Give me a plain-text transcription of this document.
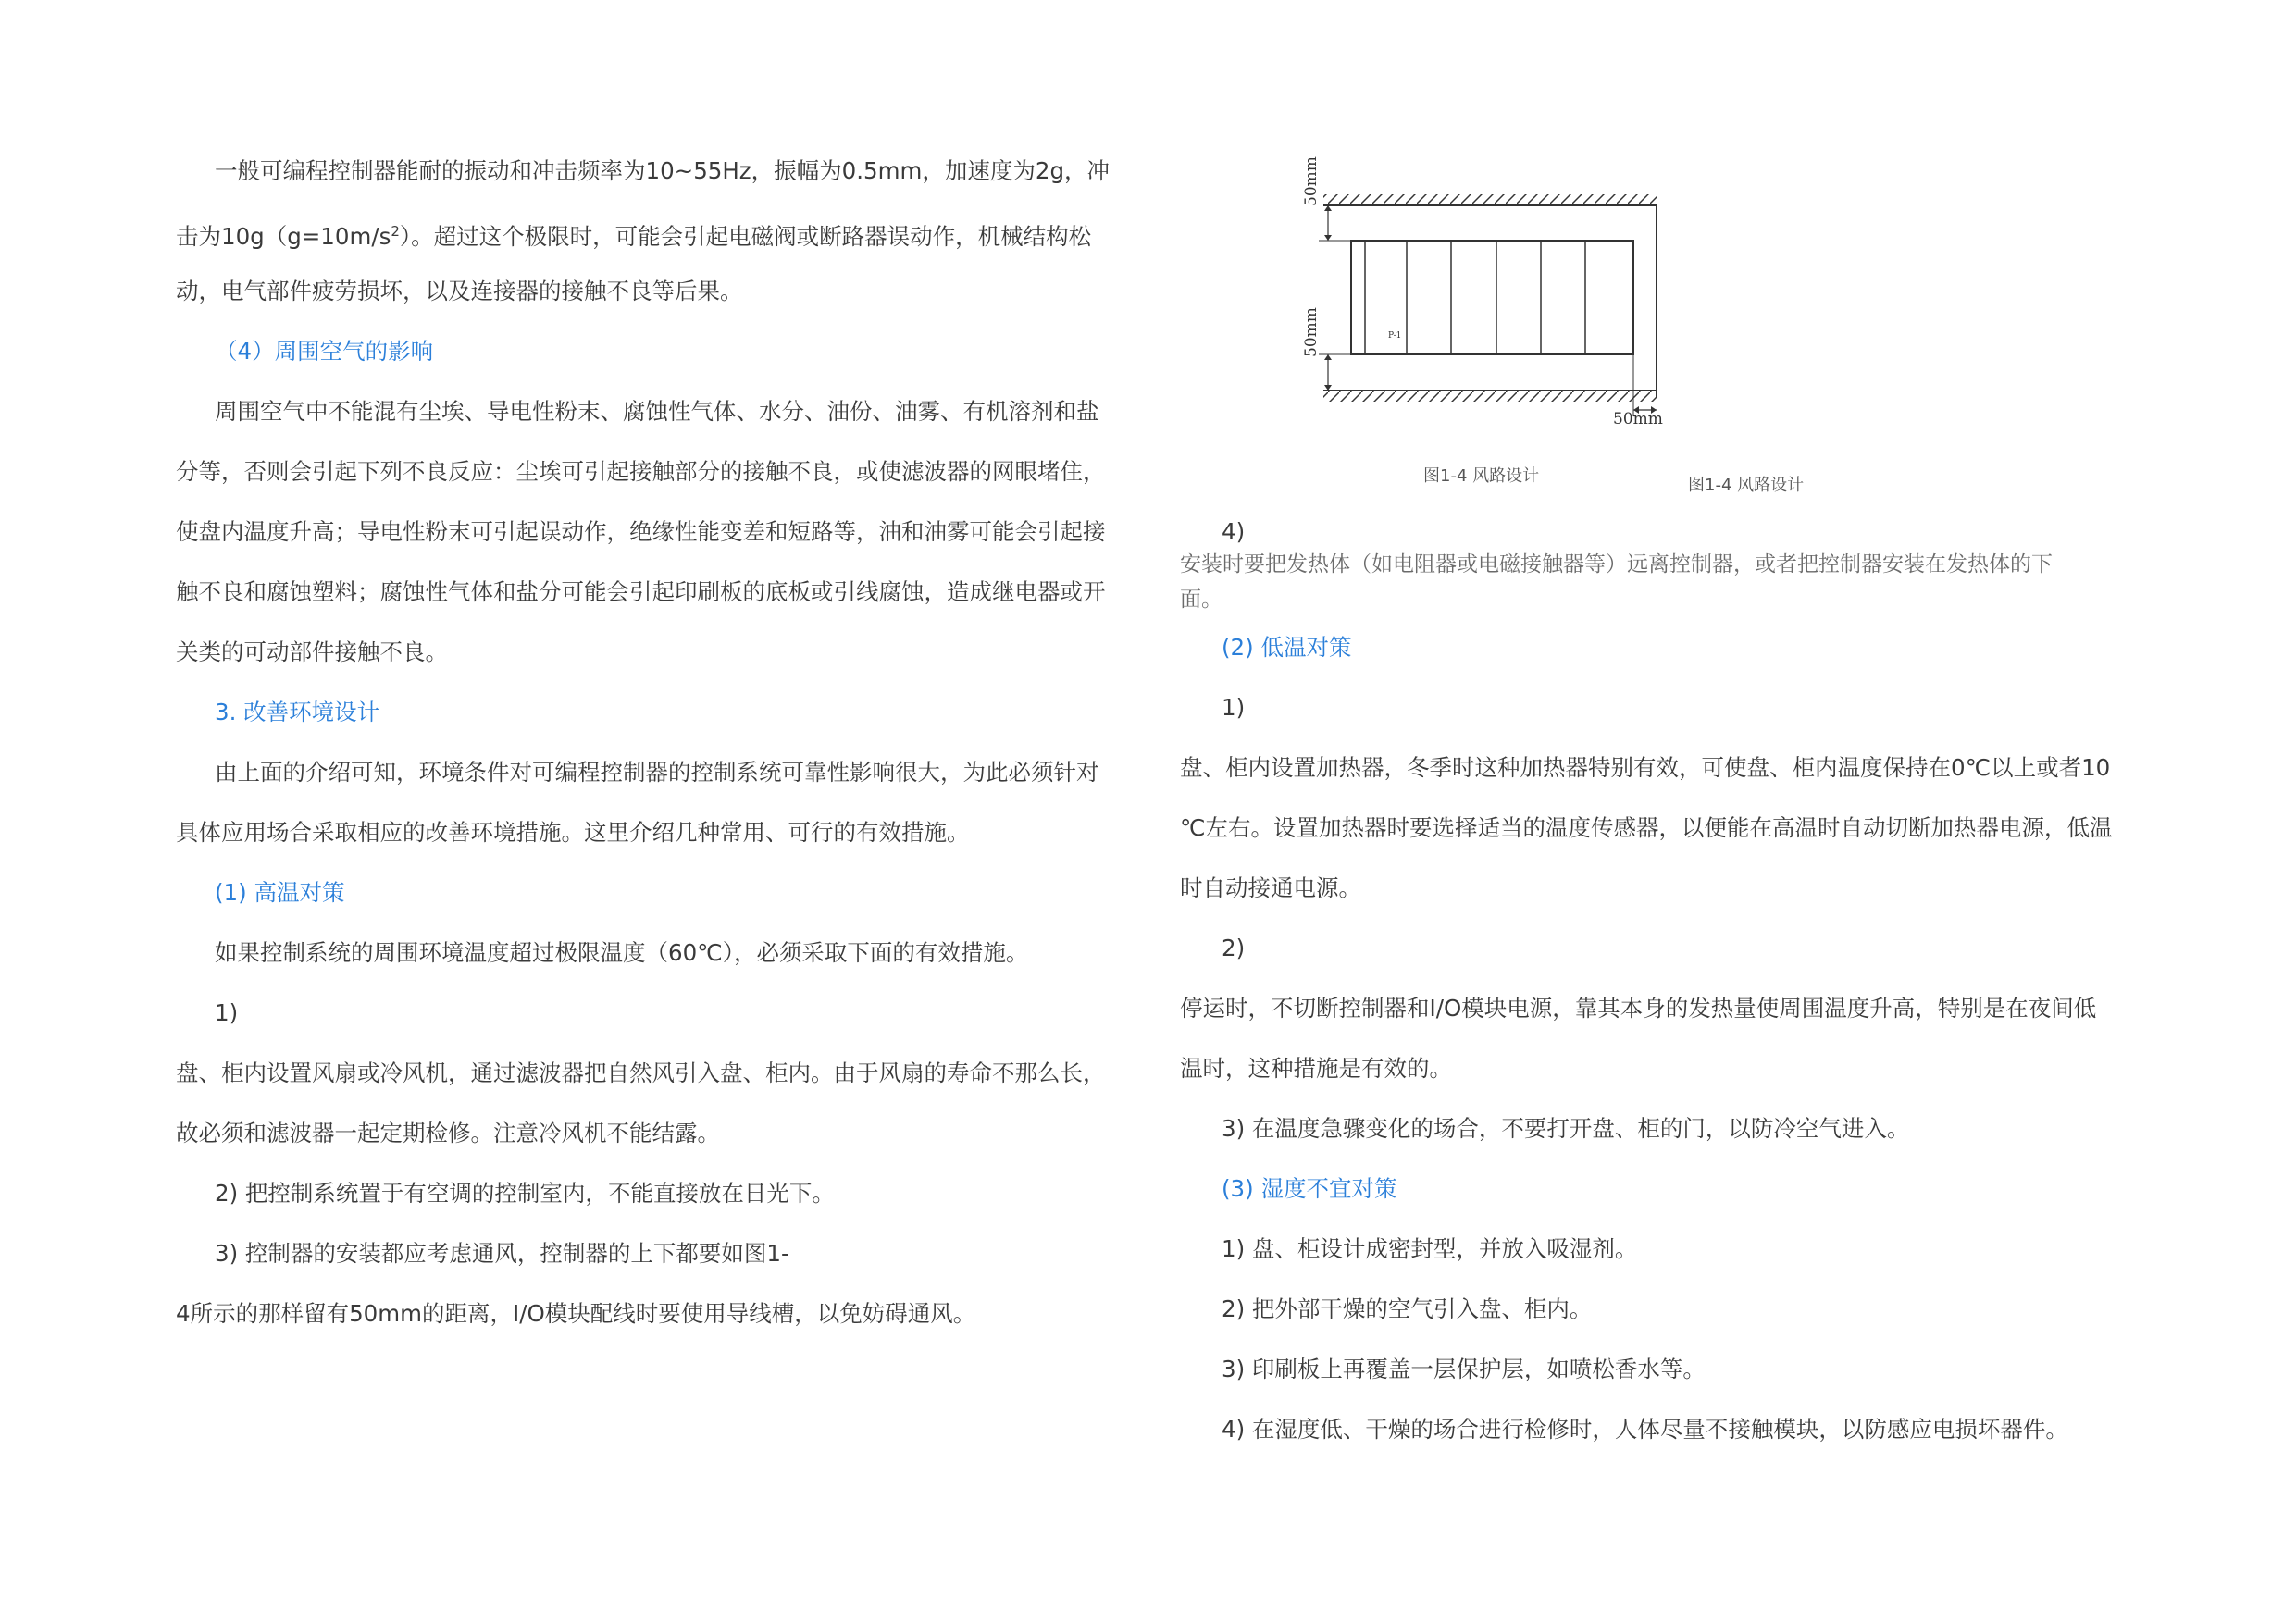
一般可编程控制器能耐的振动和冲击频率为10~55Hz，振幅为0.5mm，加速度为2g，冲
击为$10g(g=10m/s^2)$。超过这个极限时，可能会引起电磁阀或断路器误动作，机械结构松
动，电气部件疲劳损坏，以及连接器的接触不良等后果。
（4）周围空气的影响
周围空气中不能混有尘埃、导电性粉末、腐蚀性气体、水分、油份、油雾、有机溶剂和盐
分等，否则会引起下列不良反应：尘埃可引起接触部分的接触不良，或使滤波器的网眼堵住，
使盘内温度升高；导电性粉末可引起误动作，绝缘性能变差和短路等，油和油雾可能会引起接
触不良和腐蚀塑料；腐蚀性气体和盐分可能会引起印刷板的底板或引线腐蚀，造成继电器或开
关类的可动部件接触不良。
3. 改善环境设计
由上面的介绍可知，环境条件对可编程控制器的控制系统可靠性影响很大，为此必须针对
具体应用场合采取相应的改善环境措施。这里介绍几种常用、可行的有效措施。
(1) 高温对策
如果控制系统的周围环境温度超过极限温度（60℃），必须采取下面的有效措施。
1)
盘、柜内设置风扇或冷风机，通过滤波器把自然风引入盘、柜内。由于风扇的寿命不那么长，
故必须和滤波器一起定期检修。注意冷风机不能结露。
2) 把控制系统置于有空调的控制室内，不能直接放在日光下。
3) 控制器的安装都应考虑通风，控制器的上下都要如图1-
4所示的那样留有50mm的距离，I/O模块配线时要使用导线槽，以免妨碍通风。
P-1
50mm
50mm
50mm
图1-4 风路设计	图1-4 风路设计
4)
安装时要把发热体（如电阻器或电磁接触器等）远离控制器，或者把控制器安装在发热体的下
面。
(2) 低温对策
1)
盘、柜内设置加热器，冬季时这种加热器特别有效，可使盘、柜内温度保持在0℃以上或者10
℃左右。设置加热器时要选择适当的温度传感器，以便能在高温时自动切断加热器电源，低温
时自动接通电源。
2)
停运时，不切断控制器和I/O模块电源，靠其本身的发热量使周围温度升高，特别是在夜间低
温时，这种措施是有效的。
3) 在温度急骤变化的场合，不要打开盘、柜的门，以防冷空气进入。
(3) 湿度不宜对策
1) 盘、柜设计成密封型，并放入吸湿剂。
2) 把外部干燥的空气引入盘、柜内。
3) 印刷板上再覆盖一层保护层，如喷松香水等。
4) 在湿度低、干燥的场合进行检修时，人体尽量不接触模块，以防感应电损坏器件。
